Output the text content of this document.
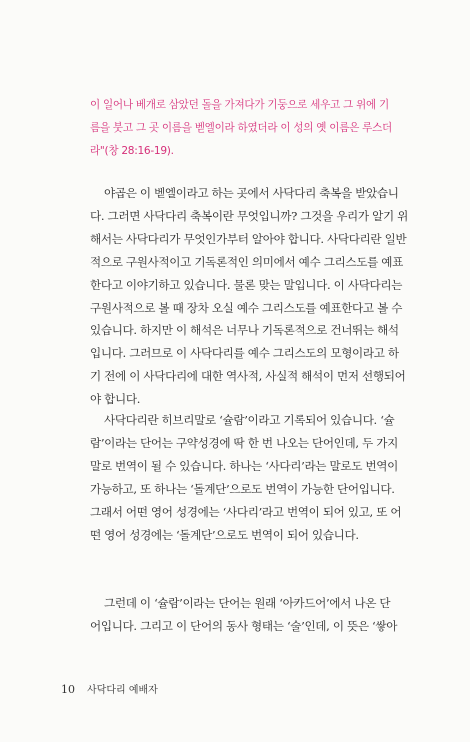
이 일어나 베개로 삼았던 돌을 가져다가 기둥으로 세우고 그 위에 기
름을 붓고 그 곳 이름을 벧엘이라 하였더라 이 성의 옛 이름은 루스더
라"(창 28:16-19).
야곱은 이 벧엘이라고 하는 곳에서 사닥다리 축복을 받았습니
다. 그러면 사닥다리 축복이란 무엇입니까? 그것을 우리가 알기 위
해서는 사닥다리가 무엇인가부터 알아야 합니다. 사닥다리란 일반
적으로 구원사적이고 기독론적인 의미에서 예수 그리스도를 예표
한다고 이야기하고 있습니다. 물론 맞는 말입니다. 이 사닥다리는
구원사적으로 볼 때 장차 오실 예수 그리스도를 예표한다고 볼 수
있습니다. 하지만 이 해석은 너무나 기독론적으로 건너뛰는 해석
입니다. 그러므로 이 사닥다리를 예수 그리스도의 모형이라고 하
기 전에 이 사닥다리에 대한 역사적, 사실적 해석이 먼저 선행되어
야 합니다.
사닥다리란 히브리말로 ‘슐람’이라고 기록되어 있습니다. ‘슐
람’이라는 단어는 구약성경에 딱 한 번 나오는 단어인데, 두 가지
말로 번역이 될 수 있습니다. 하나는 ‘사다리’라는 말로도 번역이
가능하고, 또 하나는 ‘돌계단’으로도 번역이 가능한 단어입니다.
그래서 어떤 영어 성경에는 ‘사다리’라고 번역이 되어 있고, 또 어
떤 영어 성경에는 ‘돌계단’으로도 번역이 되어 있습니다.
그런데 이 ‘슐람’이라는 단어는 원래 ‘아카드어’에서 나온 단
어입니다. 그리고 이 단어의 동사 형태는 ‘술’인데, 이 뜻은 ‘쌓아
10 사닥다리 예배자
